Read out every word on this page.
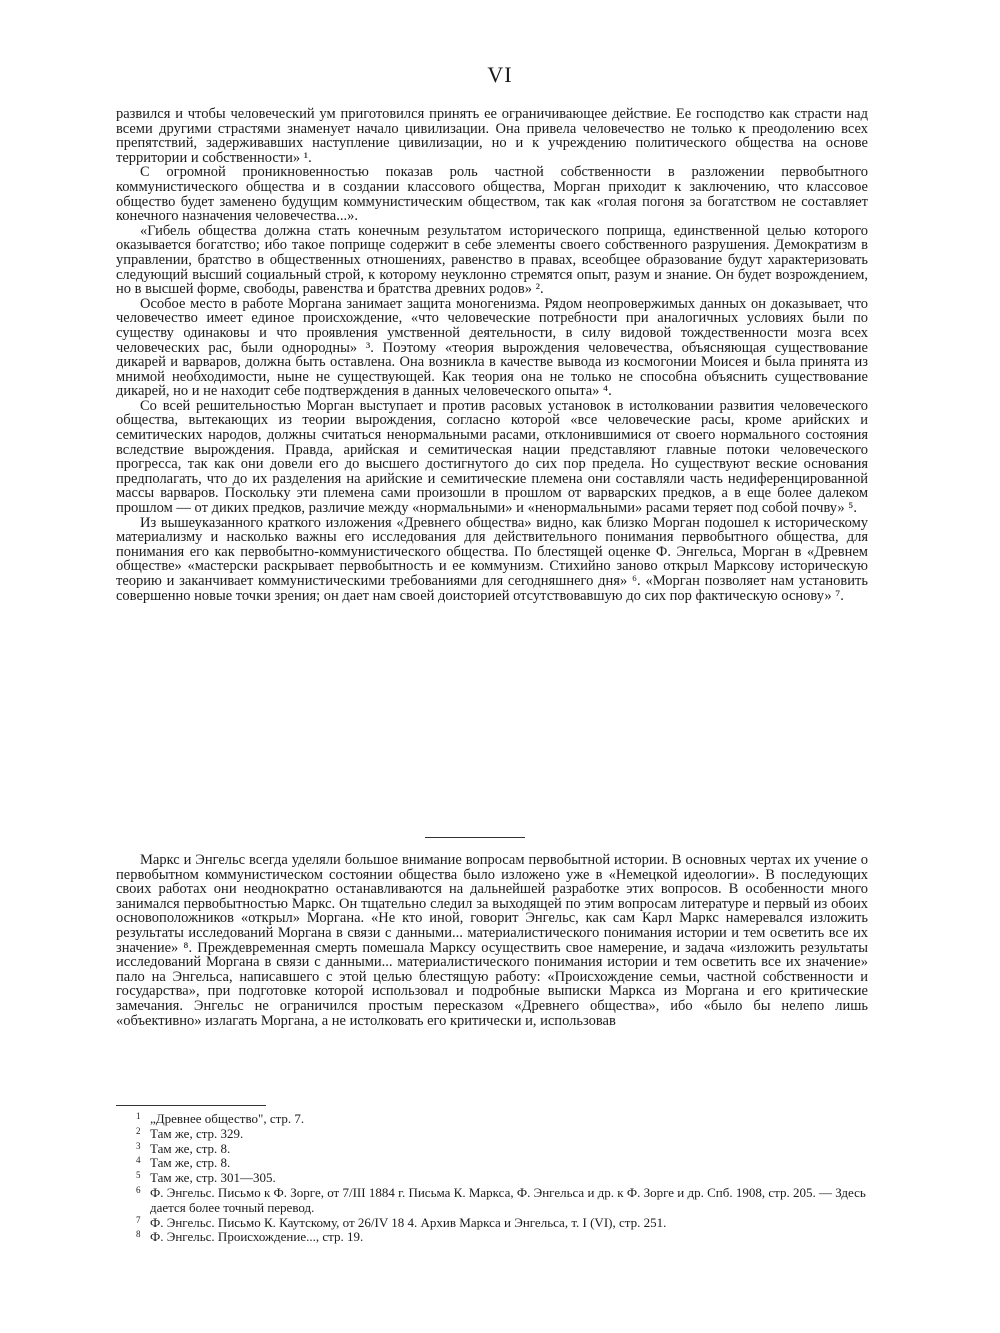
VI

развился и чтобы человеческий ум приготовился принять ее ограничивающее действие. Ее господство как страсти над всеми другими страстями знаменует начало цивилизации. Она привела человечество не только к преодолению всех препятствий, задерживавших наступление цивилизации, но и к учреждению политического общества на основе территории и собственности» ¹.

С огромной проникновенностью показав роль частной собственности в разложении первобытного коммунистического общества и в создании классового общества, Морган приходит к заключению, что классовое общество будет заменено будущим коммунистическим обществом, так как «голая погоня за богатством не составляет конечного назначения человечества...».

«Гибель общества должна стать конечным результатом исторического поприща, единственной целью которого оказывается богатство; ибо такое поприще содержит в себе элементы своего собственного разрушения. Демократизм в управлении, братство в общественных отношениях, равенство в правах, всеобщее образование будут характеризовать следующий высший социальный строй, к которому неуклонно стремятся опыт, разум и знание. Он будет возрождением, но в высшей форме, свободы, равенства и братства древних родов» ².

Особое место в работе Моргана занимает защита моногенизма. Рядом неопровержимых данных он доказывает, что человечество имеет единое происхождение, «что человеческие потребности при аналогичных условиях были по существу одинаковы и что проявления умственной деятельности, в силу видовой тождественности мозга всех человеческих рас, были однородны» ³. Поэтому «теория вырождения человечества, объясняющая существование дикарей и варваров, должна быть оставлена. Она возникла в качестве вывода из космогонии Моисея и была принята из мнимой необходимости, ныне не существующей. Как теория она не только не способна объяснить существование дикарей, но и не находит себе подтверждения в данных человеческого опыта» ⁴.

Со всей решительностью Морган выступает и против расовых установок в истолковании развития человеческого общества, вытекающих из теории вырождения, согласно которой «все человеческие расы, кроме арийских и семитических народов, должны считаться ненормальными расами, отклонившимися от своего нормального состояния вследствие вырождения. Правда, арийская и семитическая нации представляют главные потоки человеческого прогресса, так как они довели его до высшего достигнутого до сих пор предела. Но существуют веские основания предполагать, что до их разделения на арийские и семитические племена они составляли часть недиференцированной массы варваров. Поскольку эти племена сами произошли в прошлом от варварских предков, а в еще более далеком прошлом — от диких предков, различие между «нормальными» и «ненормальными» расами теряет под собой почву» ⁵.

Из вышеуказанного краткого изложения «Древнего общества» видно, как близко Морган подошел к историческому материализму и насколько важны его исследования для действительного понимания первобытного общества, для понимания его как первобытно-коммунистического общества. По блестящей оценке Ф. Энгельса, Морган в «Древнем обществе» «мастерски раскрывает первобытность и ее коммунизм. Стихийно заново открыл Марксову историческую теорию и заканчивает коммунистическими требованиями для сегодняшнего дня» ⁶. «Морган позволяет нам установить совершенно новые точки зрения; он дает нам своей доисторией отсутствовавшую до сих пор фактическую основу» ⁷.

Маркс и Энгельс всегда уделяли большое внимание вопросам первобытной истории. В основных чертах их учение о первобытном коммунистическом состоянии общества было изложено уже в «Немецкой идеологии». В последующих своих работах они неоднократно останавливаются на дальнейшей разработке этих вопросов. В особенности много занимался первобытностью Маркс. Он тщательно следил за выходящей по этим вопросам литературе и первый из обоих основоположников «открыл» Моргана. «Не кто иной, говорит Энгельс, как сам Карл Маркс намеревался изложить результаты исследований Моргана в связи с данными... материалистического понимания истории и тем осветить все их значение» ⁸. Преждевременная смерть помешала Марксу осуществить свое намерение, и задача «изложить результаты исследований Моргана в связи с данными... материалистического понимания истории и тем осветить все их значение» пало на Энгельса, написавшего с этой целью блестящую работу: «Происхождение семьи, частной собственности и государства», при подготовке которой использовал и подробные выписки Маркса из Моргана и его критические замечания. Энгельс не ограничился простым пересказом «Древнего общества», ибо «было бы нелепо лишь «объективно» излагать Моргана, а не истолковать его критически и, использовав

1 „Древнее общество", стр. 7.
2 Там же, стр. 329.
3 Там же, стр. 8.
4 Там же, стр. 8.
5 Там же, стр. 301—305.
6 Ф. Энгельс. Письмо к Ф. Зорге, от 7/III 1884 г. Письма К. Маркса, Ф. Энгельса и др. к Ф. Зорге и др. Спб. 1908, стр. 205. — Здесь дается более точный перевод.
7 Ф. Энгельс. Письмо К. Каутскому, от 26/IV 18 4. Архив Маркса и Энгельса, т. I (VI), стр. 251.
8 Ф. Энгельс. Происхождение..., стр. 19.
